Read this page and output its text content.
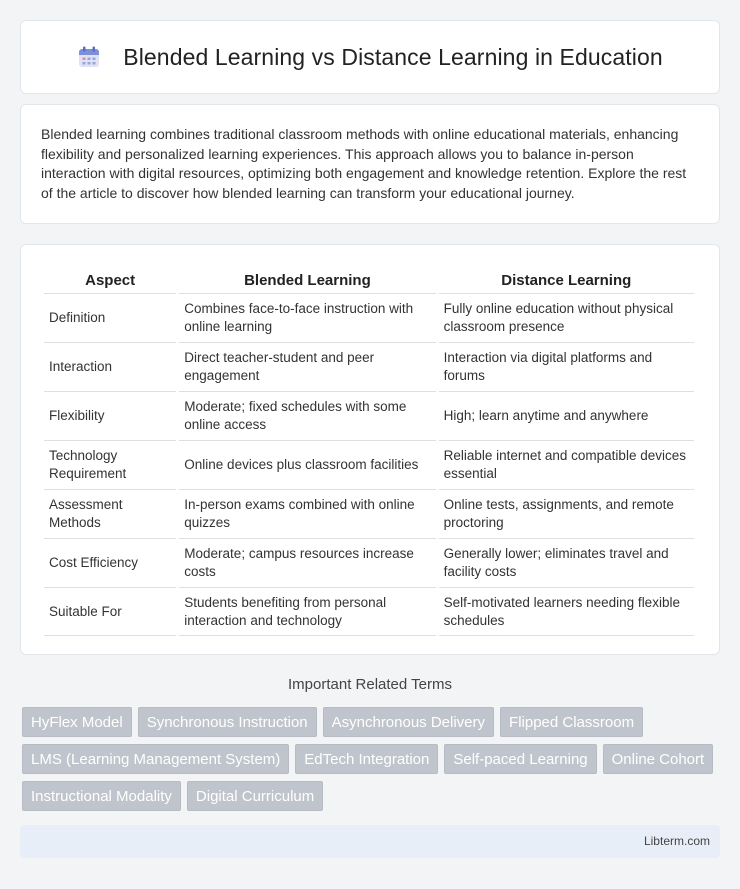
Blended Learning vs Distance Learning in Education

Blended learning combines traditional classroom methods with online educational materials, enhancing flexibility and personalized learning experiences. This approach allows you to balance in-person interaction with digital resources, optimizing both engagement and knowledge retention. Explore the rest of the article to discover how blended learning can transform your educational journey.

Aspect	Blended Learning	Distance Learning
Definition	Combines face-to-face instruction with online learning	Fully online education without physical classroom presence
Interaction	Direct teacher-student and peer engagement	Interaction via digital platforms and forums
Flexibility	Moderate; fixed schedules with some online access	High; learn anytime and anywhere
Technology Requirement	Online devices plus classroom facilities	Reliable internet and compatible devices essential
Assessment Methods	In-person exams combined with online quizzes	Online tests, assignments, and remote proctoring
Cost Efficiency	Moderate; campus resources increase costs	Generally lower; eliminates travel and facility costs
Suitable For	Students benefiting from personal interaction and technology	Self-motivated learners needing flexible schedules
Important Related Terms
HyFlex Model	Synchronous Instruction	Asynchronous Delivery	Flipped Classroom
LMS (Learning Management System)	EdTech Integration	Self-paced Learning	Online Cohort
Instructional Modality	Digital Curriculum
Libterm.com
